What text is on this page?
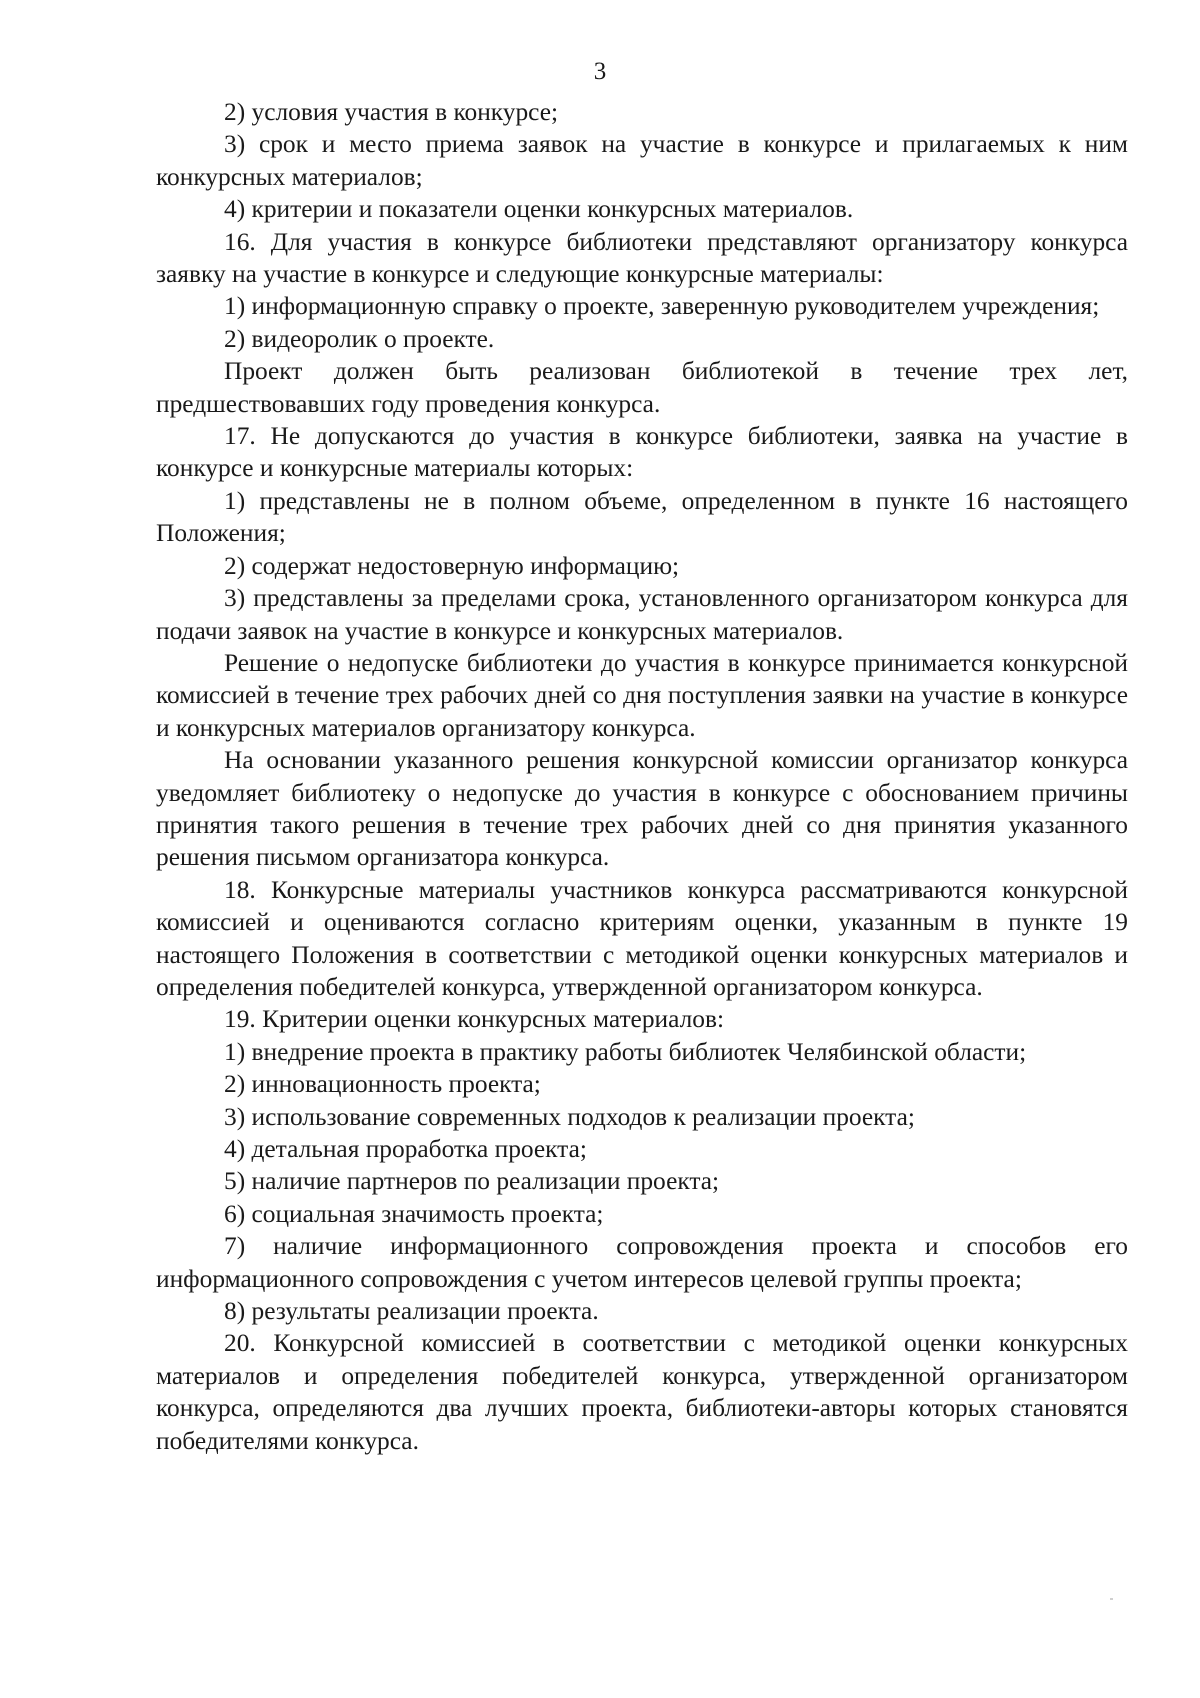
3

2) условия участия в конкурсе;

3) срок и место приема заявок на участие в конкурсе и прилагаемых к ним конкурсных материалов;

4) критерии и показатели оценки конкурсных материалов.

16. Для участия в конкурсе библиотеки представляют организатору конкурса заявку на участие в конкурсе и следующие конкурсные материалы:

1) информационную справку о проекте, заверенную руководителем учреждения;

2) видеоролик о проекте.

Проект должен быть реализован библиотекой в течение трех лет, предшествовавших году проведения конкурса.

17. Не допускаются до участия в конкурсе библиотеки, заявка на участие в конкурсе и конкурсные материалы которых:

1) представлены не в полном объеме, определенном в пункте 16 настоящего Положения;

2) содержат недостоверную информацию;

3) представлены за пределами срока, установленного организатором конкурса для подачи заявок на участие в конкурсе и конкурсных материалов.

Решение о недопуске библиотеки до участия в конкурсе принимается конкурсной комиссией в течение трех рабочих дней со дня поступления заявки на участие в конкурсе и конкурсных материалов организатору конкурса.

На основании указанного решения конкурсной комиссии организатор конкурса уведомляет библиотеку о недопуске до участия в конкурсе с обоснованием причины принятия такого решения в течение трех рабочих дней со дня принятия указанного решения письмом организатора конкурса.

18. Конкурсные материалы участников конкурса рассматриваются конкурсной комиссией и оцениваются согласно критериям оценки, указанным в пункте 19 настоящего Положения в соответствии с методикой оценки конкурсных материалов и определения победителей конкурса, утвержденной организатором конкурса.

19. Критерии оценки конкурсных материалов:

1) внедрение проекта в практику работы библиотек Челябинской области;

2) инновационность проекта;

3) использование современных подходов к реализации проекта;

4) детальная проработка проекта;

5) наличие партнеров по реализации проекта;

6) социальная значимость проекта;

7) наличие информационного сопровождения проекта и способов его информационного сопровождения с учетом интересов целевой группы проекта;

8) результаты реализации проекта.

20. Конкурсной комиссией в соответствии с методикой оценки конкурсных материалов и определения победителей конкурса, утвержденной организатором конкурса, определяются два лучших проекта, библиотеки-авторы которых становятся победителями конкурса.
